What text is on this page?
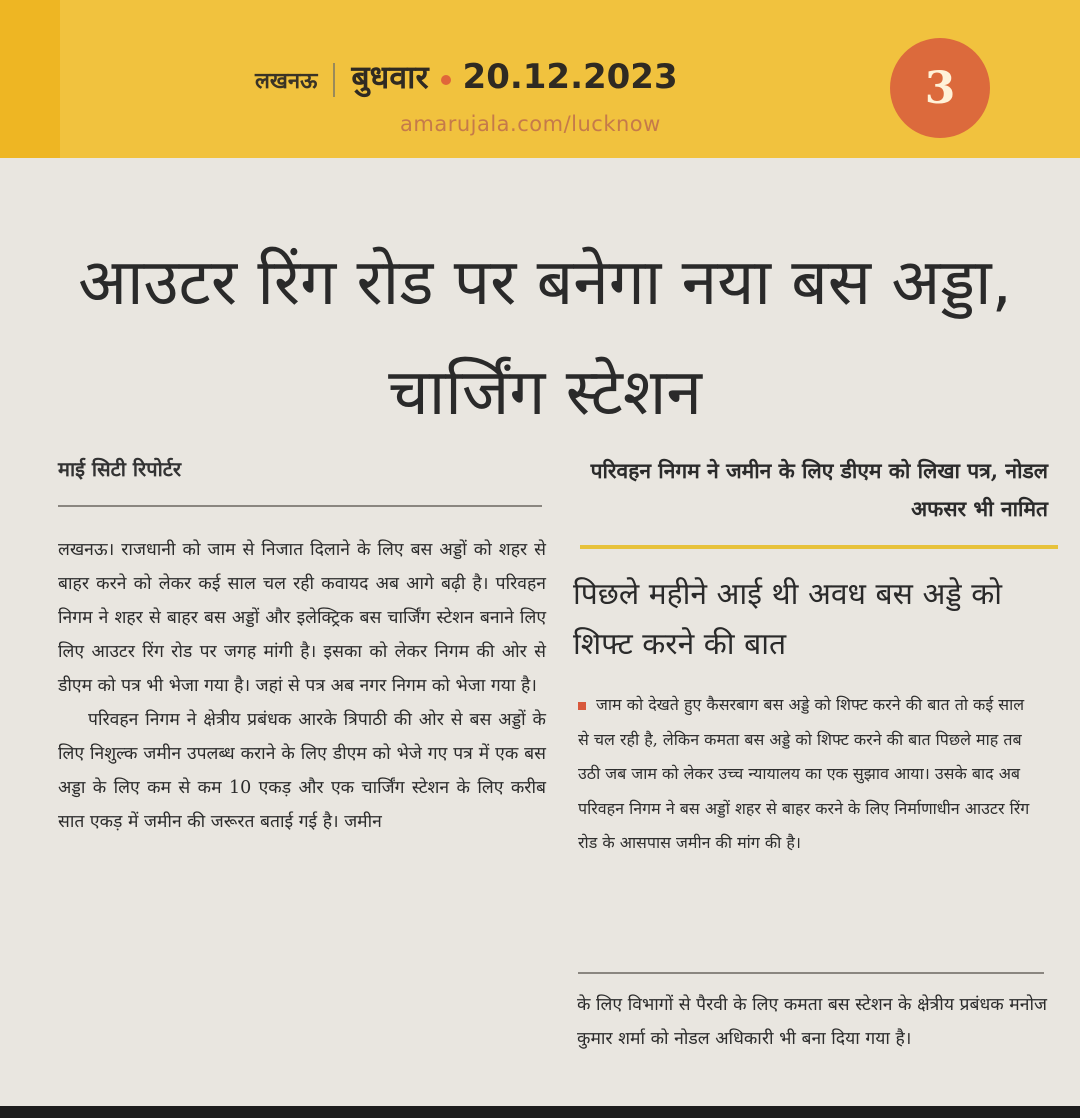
लखनऊ बुधवार 20.12.2023
amarujala.com/lucknow
3
आउटर रिंग रोड पर बनेगा नया बस अड्डा, चार्जिंग स्टेशन
माई सिटी रिपोर्टर

लखनऊ। राजधानी को जाम से निजात दिलाने के लिए बस अड्डों को शहर से बाहर करने को लेकर कई साल चल रही कवायद अब आगे बढ़ी है। परिवहन निगम ने शहर से बाहर बस अड्डों और इलेक्ट्रिक बस चार्जिंग स्टेशन बनाने लिए लिए आउटर रिंग रोड पर जगह मांगी है। इसका को लेकर निगम की ओर से डीएम को पत्र भी भेजा गया है। जहां से पत्र अब नगर निगम को भेजा गया है।

परिवहन निगम ने क्षेत्रीय प्रबंधक आरके त्रिपाठी की ओर से बस अड्डों के लिए निशुल्क जमीन उपलब्ध कराने के लिए डीएम को भेजे गए पत्र में एक बस अड्डा के लिए कम से कम 10 एकड़ और एक चार्जिंग स्टेशन के लिए करीब सात एकड़ में जमीन की जरूरत बताई गई है। जमीन

परिवहन निगम ने जमीन के लिए डीएम को लिखा पत्र, नोडल अफसर भी नामित
पिछले महीने आई थी अवध बस अड्डे को शिफ्ट करने की बात
जाम को देखते हुए कैसरबाग बस अड्डे को शिफ्ट करने की बात तो कई साल से चल रही है, लेकिन कमता बस अड्डे को शिफ्ट करने की बात पिछले माह तब उठी जब जाम को लेकर उच्च न्यायालय का एक सुझाव आया। उसके बाद अब परिवहन निगम ने बस अड्डों शहर से बाहर करने के लिए निर्माणाधीन आउटर रिंग रोड के आसपास जमीन की मांग की है।
के लिए विभागों से पैरवी के लिए कमता बस स्टेशन के क्षेत्रीय प्रबंधक मनोज कुमार शर्मा को नोडल अधिकारी भी बना दिया गया है।
